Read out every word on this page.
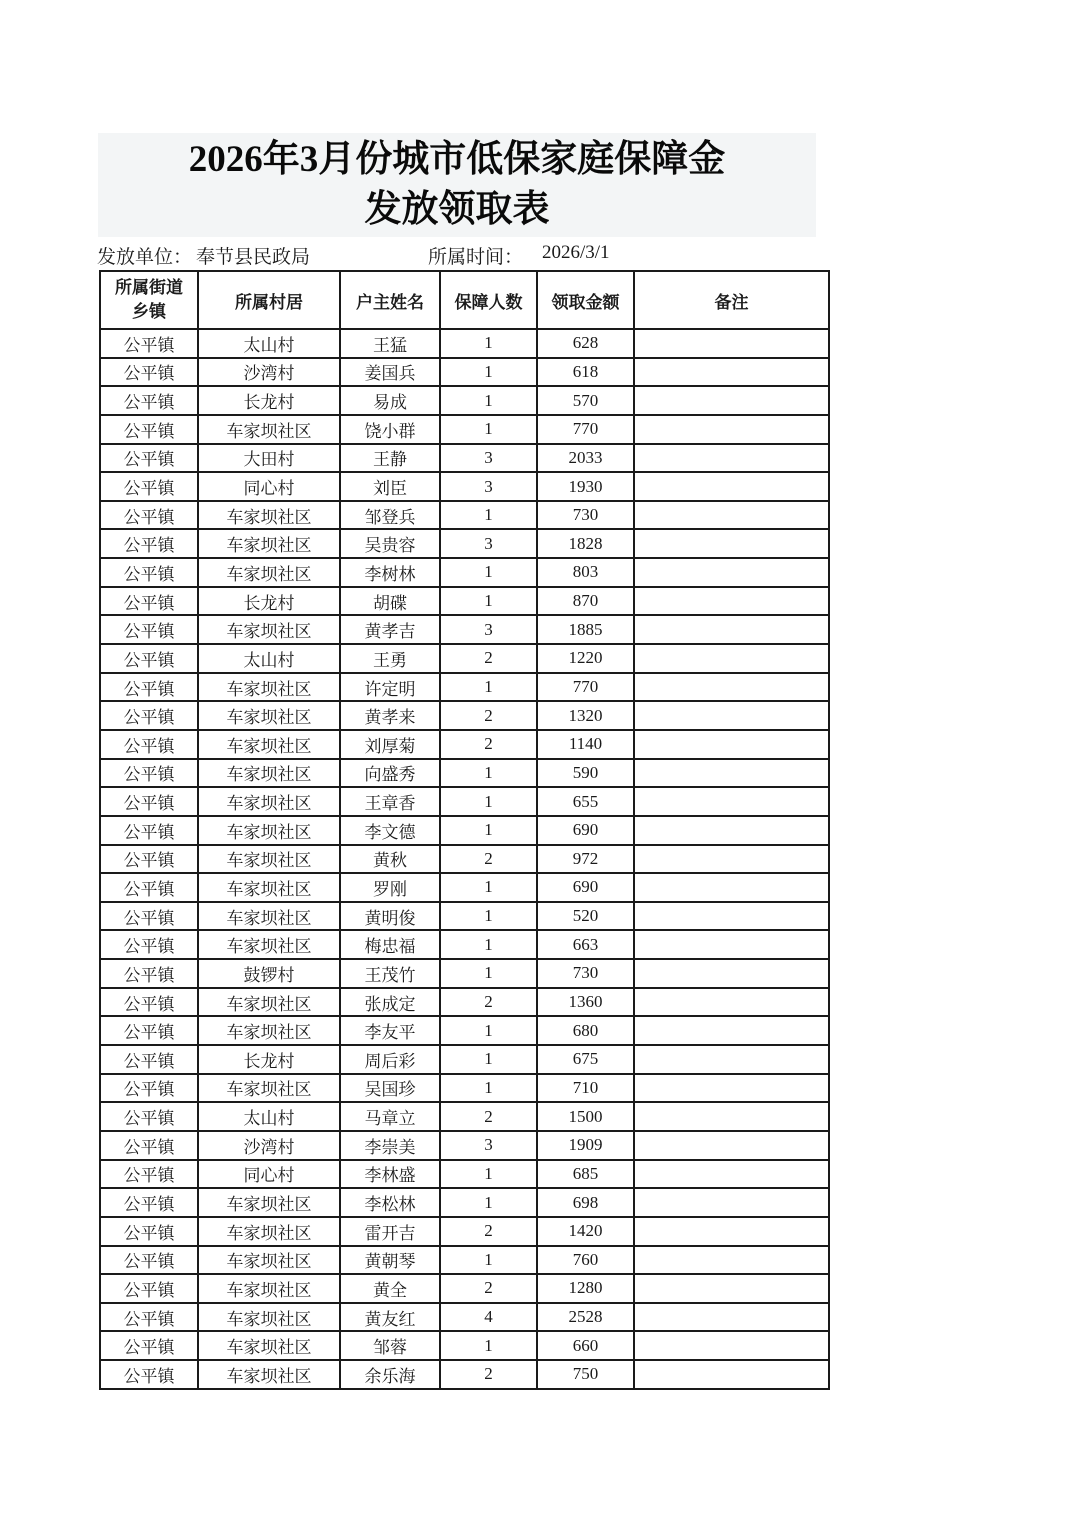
2026年3月份城市低保家庭保障金
发放领取表
发放单位： 奉节县民政局	所属时间： 2026/3/1
所属街道乡镇	所属村居	户主姓名	保障人数	领取金额	备注
公平镇	太山村	王猛	1	628	
公平镇	沙湾村	姜国兵	1	618	
公平镇	长龙村	易成	1	570	
公平镇	车家坝社区	饶小群	1	770	
公平镇	大田村	王静	3	2033	
公平镇	同心村	刘臣	3	1930	
公平镇	车家坝社区	邹登兵	1	730	
公平镇	车家坝社区	吴贵容	3	1828	
公平镇	车家坝社区	李树林	1	803	
公平镇	长龙村	胡碟	1	870	
公平镇	车家坝社区	黄孝吉	3	1885	
公平镇	太山村	王勇	2	1220	
公平镇	车家坝社区	许定明	1	770	
公平镇	车家坝社区	黄孝来	2	1320	
公平镇	车家坝社区	刘厚菊	2	1140	
公平镇	车家坝社区	向盛秀	1	590	
公平镇	车家坝社区	王章香	1	655	
公平镇	车家坝社区	李文德	1	690	
公平镇	车家坝社区	黄秋	2	972	
公平镇	车家坝社区	罗刚	1	690	
公平镇	车家坝社区	黄明俊	1	520	
公平镇	车家坝社区	梅忠福	1	663	
公平镇	鼓锣村	王茂竹	1	730	
公平镇	车家坝社区	张成定	2	1360	
公平镇	车家坝社区	李友平	1	680	
公平镇	长龙村	周后彩	1	675	
公平镇	车家坝社区	吴国珍	1	710	
公平镇	太山村	马章立	2	1500	
公平镇	沙湾村	李崇美	3	1909	
公平镇	同心村	李林盛	1	685	
公平镇	车家坝社区	李松林	1	698	
公平镇	车家坝社区	雷开吉	2	1420	
公平镇	车家坝社区	黄朝琴	1	760	
公平镇	车家坝社区	黄全	2	1280	
公平镇	车家坝社区	黄友红	4	2528	
公平镇	车家坝社区	邹蓉	1	660	
公平镇	车家坝社区	余乐海	2	750	
